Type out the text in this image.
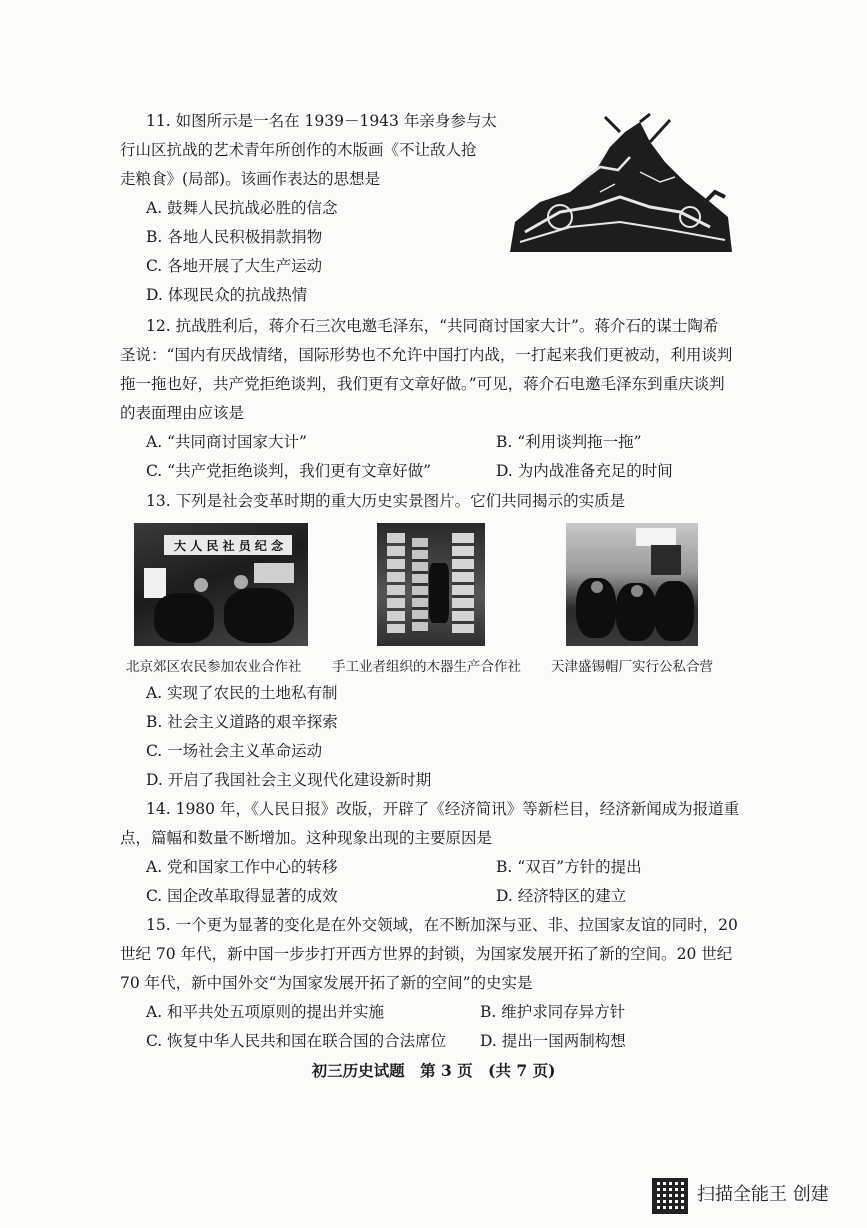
11. 如图所示是一名在 1939－1943 年亲身参与太
行山区抗战的艺术青年所创作的木版画《不让敌人抢
走粮食》(局部)。该画作表达的思想是
A. 鼓舞人民抗战必胜的信念
B. 各地人民积极捐款捐物
C. 各地开展了大生产运动
D. 体现民众的抗战热情
12. 抗战胜利后，蒋介石三次电邀毛泽东，“共同商讨国家大计”。蒋介石的谋士陶希
圣说：“国内有厌战情绪，国际形势也不允许中国打内战，一打起来我们更被动，利用谈判
拖一拖也好，共产党拒绝谈判，我们更有文章好做。”可见，蒋介石电邀毛泽东到重庆谈判
的表面理由应该是
A. “共同商讨国家大计”	B. “利用谈判拖一拖”
C. “共产党拒绝谈判，我们更有文章好做”	D. 为内战准备充足的时间
13. 下列是社会变革时期的重大历史实景图片。它们共同揭示的实质是
大 人 民 社 员 纪 念
北京郊区农民参加农业合作社 手工业者组织的木器生产合作社 天津盛锡帽厂实行公私合营
A. 实现了农民的土地私有制
B. 社会主义道路的艰辛探索
C. 一场社会主义革命运动
D. 开启了我国社会主义现代化建设新时期
14. 1980 年，《人民日报》改版，开辟了《经济简讯》等新栏目，经济新闻成为报道重
点，篇幅和数量不断增加。这种现象出现的主要原因是
A. 党和国家工作中心的转移	B. “双百”方针的提出
C. 国企改革取得显著的成效	D. 经济特区的建立
15. 一个更为显著的变化是在外交领域，在不断加深与亚、非、拉国家友谊的同时，20
世纪 70 年代，新中国一步步打开西方世界的封锁，为国家发展开拓了新的空间。20 世纪
70 年代，新中国外交“为国家发展开拓了新的空间”的史实是
A. 和平共处五项原则的提出并实施	B. 维护求同存异方针
C. 恢复中华人民共和国在联合国的合法席位 D. 提出一国两制构想
初三历史试题　第 3 页　(共 7 页)
扫描全能王 创建
